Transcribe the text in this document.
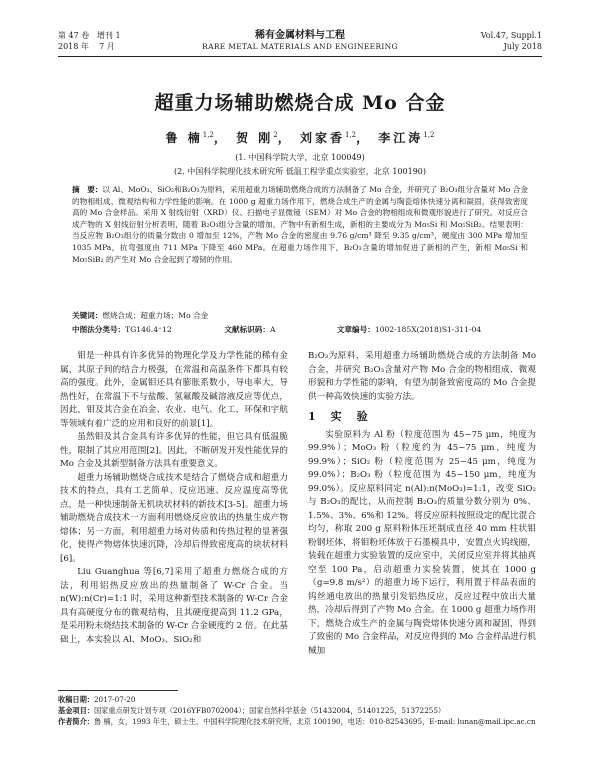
第 47 卷 增刊 1
2018 年 7 月
稀有金属材料与工程
RARE METAL MATERIALS AND ENGINEERING
Vol.47, Suppl.1
July 2018
超重力场辅助燃烧合成 Mo 合金
鲁 楠$^{1,2}$， 贺 刚$^2$， 刘家香$^{1,2}$， 李江涛$^{1,2}$
(1. 中国科学院大学，北京 100049)
(2. 中国科学院理化技术研究所 低温工程学重点实验室，北京 100190)
摘　要：以 Al、MoO₃、SiO₂和B₂O₃为原料，采用超重力场辅助燃烧合成的方法制备了 Mo 合金，并研究了 B₂O₃组分含量对 Mo 合金的物相组成、微观结构和力学性能的影响。在 1000 g 超重力场作用下，燃烧合成生产的金属与陶瓷熔体快速分离和凝固，获得致密度高的 Mo 合金样品。采用 X 射线衍射（XRD）仪、扫描电子显微镜（SEM）对 Mo 合金的物相组成和微观形貌进行了研究。对反应合成产物的 X 射线衍射分析表明，随着 B₂O₃组分含量的增加，产物中有新相生成，新相的主要成分为 Mo₅Si 和 Mo₅SiB₂。结果表明：当反应物 B₂O₃组分的质量分数由 0 增加至 12%，产物 Mo 合金的密度由 9.76 g/cm³ 降至 9.35 g/cm³，硬度由 300 MPa 增加至 1035 MPa，抗弯强度由 711 MPa 下降至 460 MPa。在超重力场作用下，B₂O₃含量的增加促进了新相的产生，新相 Mo₅Si 和 Mo₅SiB₂ 的产生对 Mo 合金起到了增韧的作用。
关键词：燃烧合成；超重力场；Mo 合金
中图法分类号：TG146.4⁺12	文献标识码：A	文章编号：1002-185X(2018)S1-311-04

钼是一种具有许多优异的物理化学及力学性能的稀有金属，其原子间的结合力极强，在常温和高温条件下都具有较高的强度。此外，金属钼还具有膨胀系数小，导电率大，导热性好，在常温下不与盐酸、氢氟酸及碱溶液反应等优点，因此，钼及其合金在冶金、农业、电气、化工、环保和宇航等领域有着广泛的应用和良好的前景[1]。

虽然钼及其合金具有许多优异的性能，但它具有低温脆性，限制了其应用范围[2]。因此，不断研发开发性能优异的 Mo 合金及其新型制备方法具有重要意义。

超重力场辅助燃烧合成技术是结合了燃烧合成和超重力技术的特点，具有工艺简单、反应迅速、反应温度高等优点，是一种快速制备无机块状材料的新技术[3-5]。超重力场辅助燃烧合成技术一方面利用燃烧反应放出的热量生成产物熔体；另一方面，利用超重力场对传质和传热过程的显著强化，使得产物熔体快速沉降，冷却后得致密度高的块状材料[6]。

Liu Guanghua 等[6,7]采用了超重力燃烧合成的方法，利用铝热反应放出的热量制备了 W-Cr 合金。当 n(W):n(Cr)=1:1 时，采用这种新型技术制备的 W-Cr 合金具有高硬度分布的微观结构，且其硬度提高到 11.2 GPa，是采用粉末烧结技术制备的 W-Cr 合金硬度约 2 倍。在此基础上，本实验以 Al、MoO₃、SiO₂和

B₂O₃为原料，采用超重力场辅助燃烧合成的方法制备 Mo 合金，并研究 B₂O₃含量对产物 Mo 合金的物相组成、微观形貌和力学性能的影响，有望为制备致密度高的 Mo 合金提供一种高效快速的实验方法。

1　实　验

实验原料为 Al 粉（粒度范围为 45~75 μm，纯度为 99.9%）；MoO₃ 粉（粒度约为 45~75 μm，纯度为 99.9%）；SiO₂ 粉（粒度范围为 25~45 μm，纯度为 99.0%）；B₂O₃ 粉（粒度范围为 45~150 μm，纯度为 99.0%）。反应原料同定 n(Al):n(MoO₃)=1:1，改变 SiO₂ 与 B₂O₃的配比，从而控制 B₂O₃的质量分数分别为 0%、1.5%、3%、6%和 12%。将反应原料按照设定的配比混合均匀，称取 200 g 原料粉体压坯制成直径 40 mm 柱状钼粉钢坯体，将钼粉坯体放于石墨模具中，安置点火钨线圈，装载在超重力实验装置的反应室中，关闭反应室并将其抽真空至 100 Pa，启动超重力实验装置，使其在 1000 g（g=9.8 m/s²）的超重力场下运行，利用置于样品表面的钨丝通电放出的热量引发铝热反应，反应过程中放出大量热，冷却后得到了产物 Mo 合金。在 1000 g 超重力场作用下，燃烧合成生产的金属与陶瓷熔体快速分离和凝固，得到了致密的 Mo 合金样品，对反应得到的 Mo 合金样品进行机械加

收稿日期：2017-07-20
基金项目：国家重点研发计划专项（2016YFB0702004）；国家自然科学基金（51432004，51401225，51372255）
作者简介：鲁 楠，女，1993 年生，硕士生，中国科学院理化技术研究所，北京 100190，电话：010-82543695，E-mail: lunan@mail.ipc.ac.cn
